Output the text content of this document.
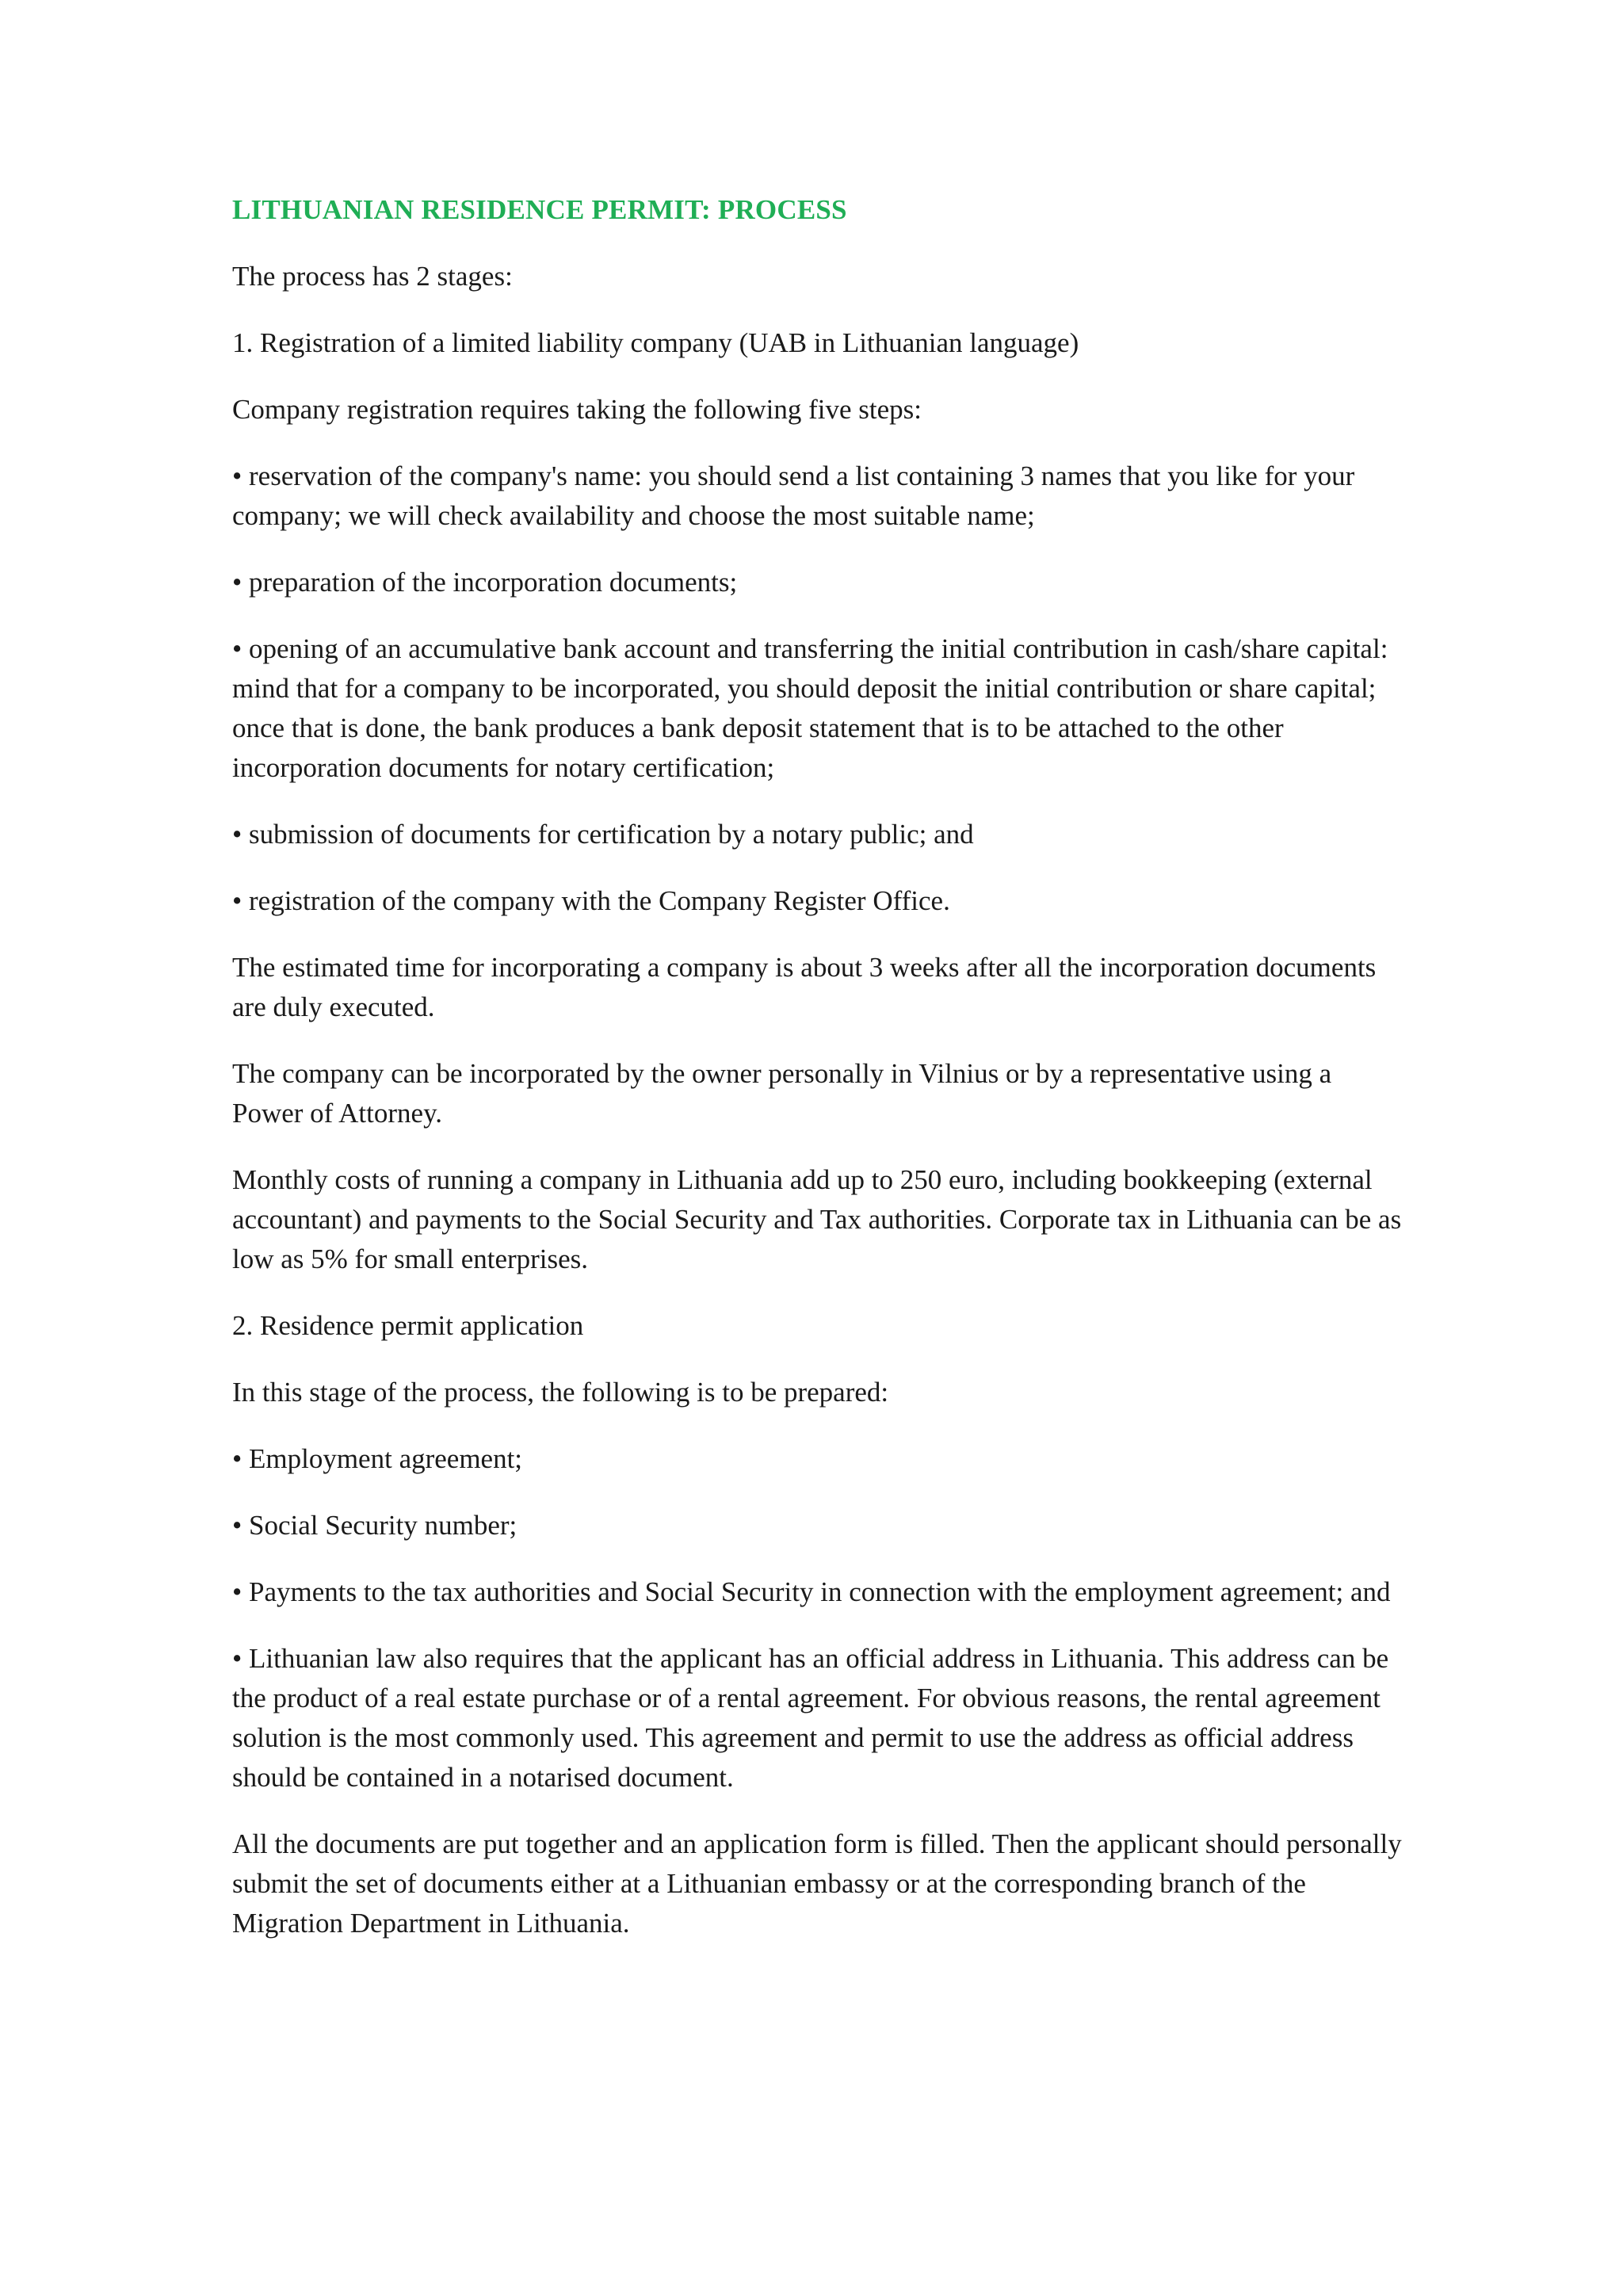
LITHUANIAN RESIDENCE PERMIT: PROCESS

The process has 2 stages:

1. Registration of a limited liability company (UAB in Lithuanian language)

Company registration requires taking the following five steps:

• reservation of the company's name: you should send a list containing 3 names that you like for your company; we will check availability and choose the most suitable name;

• preparation of the incorporation documents;

• opening of an accumulative bank account and transferring the initial contribution in cash/share capital: mind that for a company to be incorporated, you should deposit the initial contribution or share capital; once that is done, the bank produces a bank deposit statement that is to be attached to the other incorporation documents for notary certification;

• submission of documents for certification by a notary public; and

• registration of the company with the Company Register Office.

The estimated time for incorporating a company is about 3 weeks after all the incorporation documents are duly executed.

The company can be incorporated by the owner personally in Vilnius or by a representative using a Power of Attorney.

Monthly costs of running a company in Lithuania add up to 250 euro, including bookkeeping (external accountant) and payments to the Social Security and Tax authorities. Corporate tax in Lithuania can be as low as 5% for small enterprises.

2. Residence permit application

In this stage of the process, the following is to be prepared:

• Employment agreement;

• Social Security number;

• Payments to the tax authorities and Social Security in connection with the employment agreement; and

• Lithuanian law also requires that the applicant has an official address in Lithuania. This address can be the product of a real estate purchase or of a rental agreement. For obvious reasons, the rental agreement solution is the most commonly used. This agreement and permit to use the address as official address should be contained in a notarised document.

All the documents are put together and an application form is filled. Then the applicant should personally submit the set of documents either at a Lithuanian embassy or at the corresponding branch of the Migration Department in Lithuania.
